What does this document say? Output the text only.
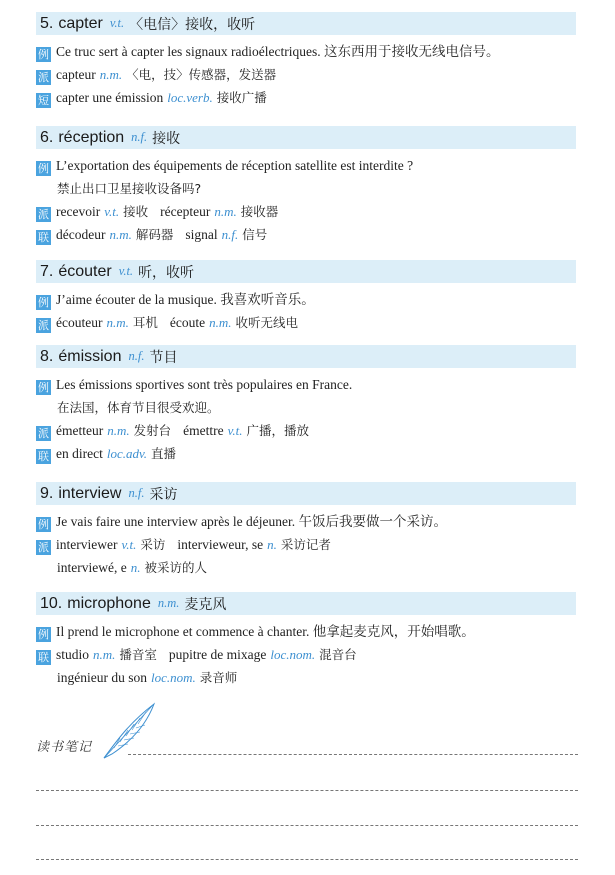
5. capter v.t. 〈电信〉接收，收听
例 Ce truc sert à capter les signaux radioélectriques. 这东西用于接收无线电信号。
派 capteur n.m. 〈电，技〉传感器，发送器
短 capter une émission loc.verb. 接收广播
6. réception n.f. 接收
例 L’exportation des équipements de réception satellite est interdite ?
禁止出口卫星接收设备吗?
派 recevoir v.t. 接收 récepteur n.m. 接收器
联 décodeur n.m. 解码器 signal n.f. 信号
7. écouter v.t. 听，收听
例 J’aime écouter de la musique. 我喜欢听音乐。
派 écouteur n.m. 耳机 écoute n.m. 收听无线电
8. émission n.f. 节目
例 Les émissions sportives sont très populaires en France.
在法国，体育节目很受欢迎。
派 émetteur n.m. 发射台 émettre v.t. 广播，播放
联 en direct loc.adv. 直播
9. interview n.f. 采访
例 Je vais faire une interview après le déjeuner. 午饭后我要做一个采访。
派 interviewer v.t. 采访 intervieweur, se n. 采访记者
interviewé, e n. 被采访的人
10. microphone n.m. 麦克风
例 Il prend le microphone et commence à chanter. 他拿起麦克风，开始唱歌。
联 studio n.m. 播音室 pupitre de mixage loc.nom. 混音台
ingénieur du son loc.nom. 录音师
读书笔记
